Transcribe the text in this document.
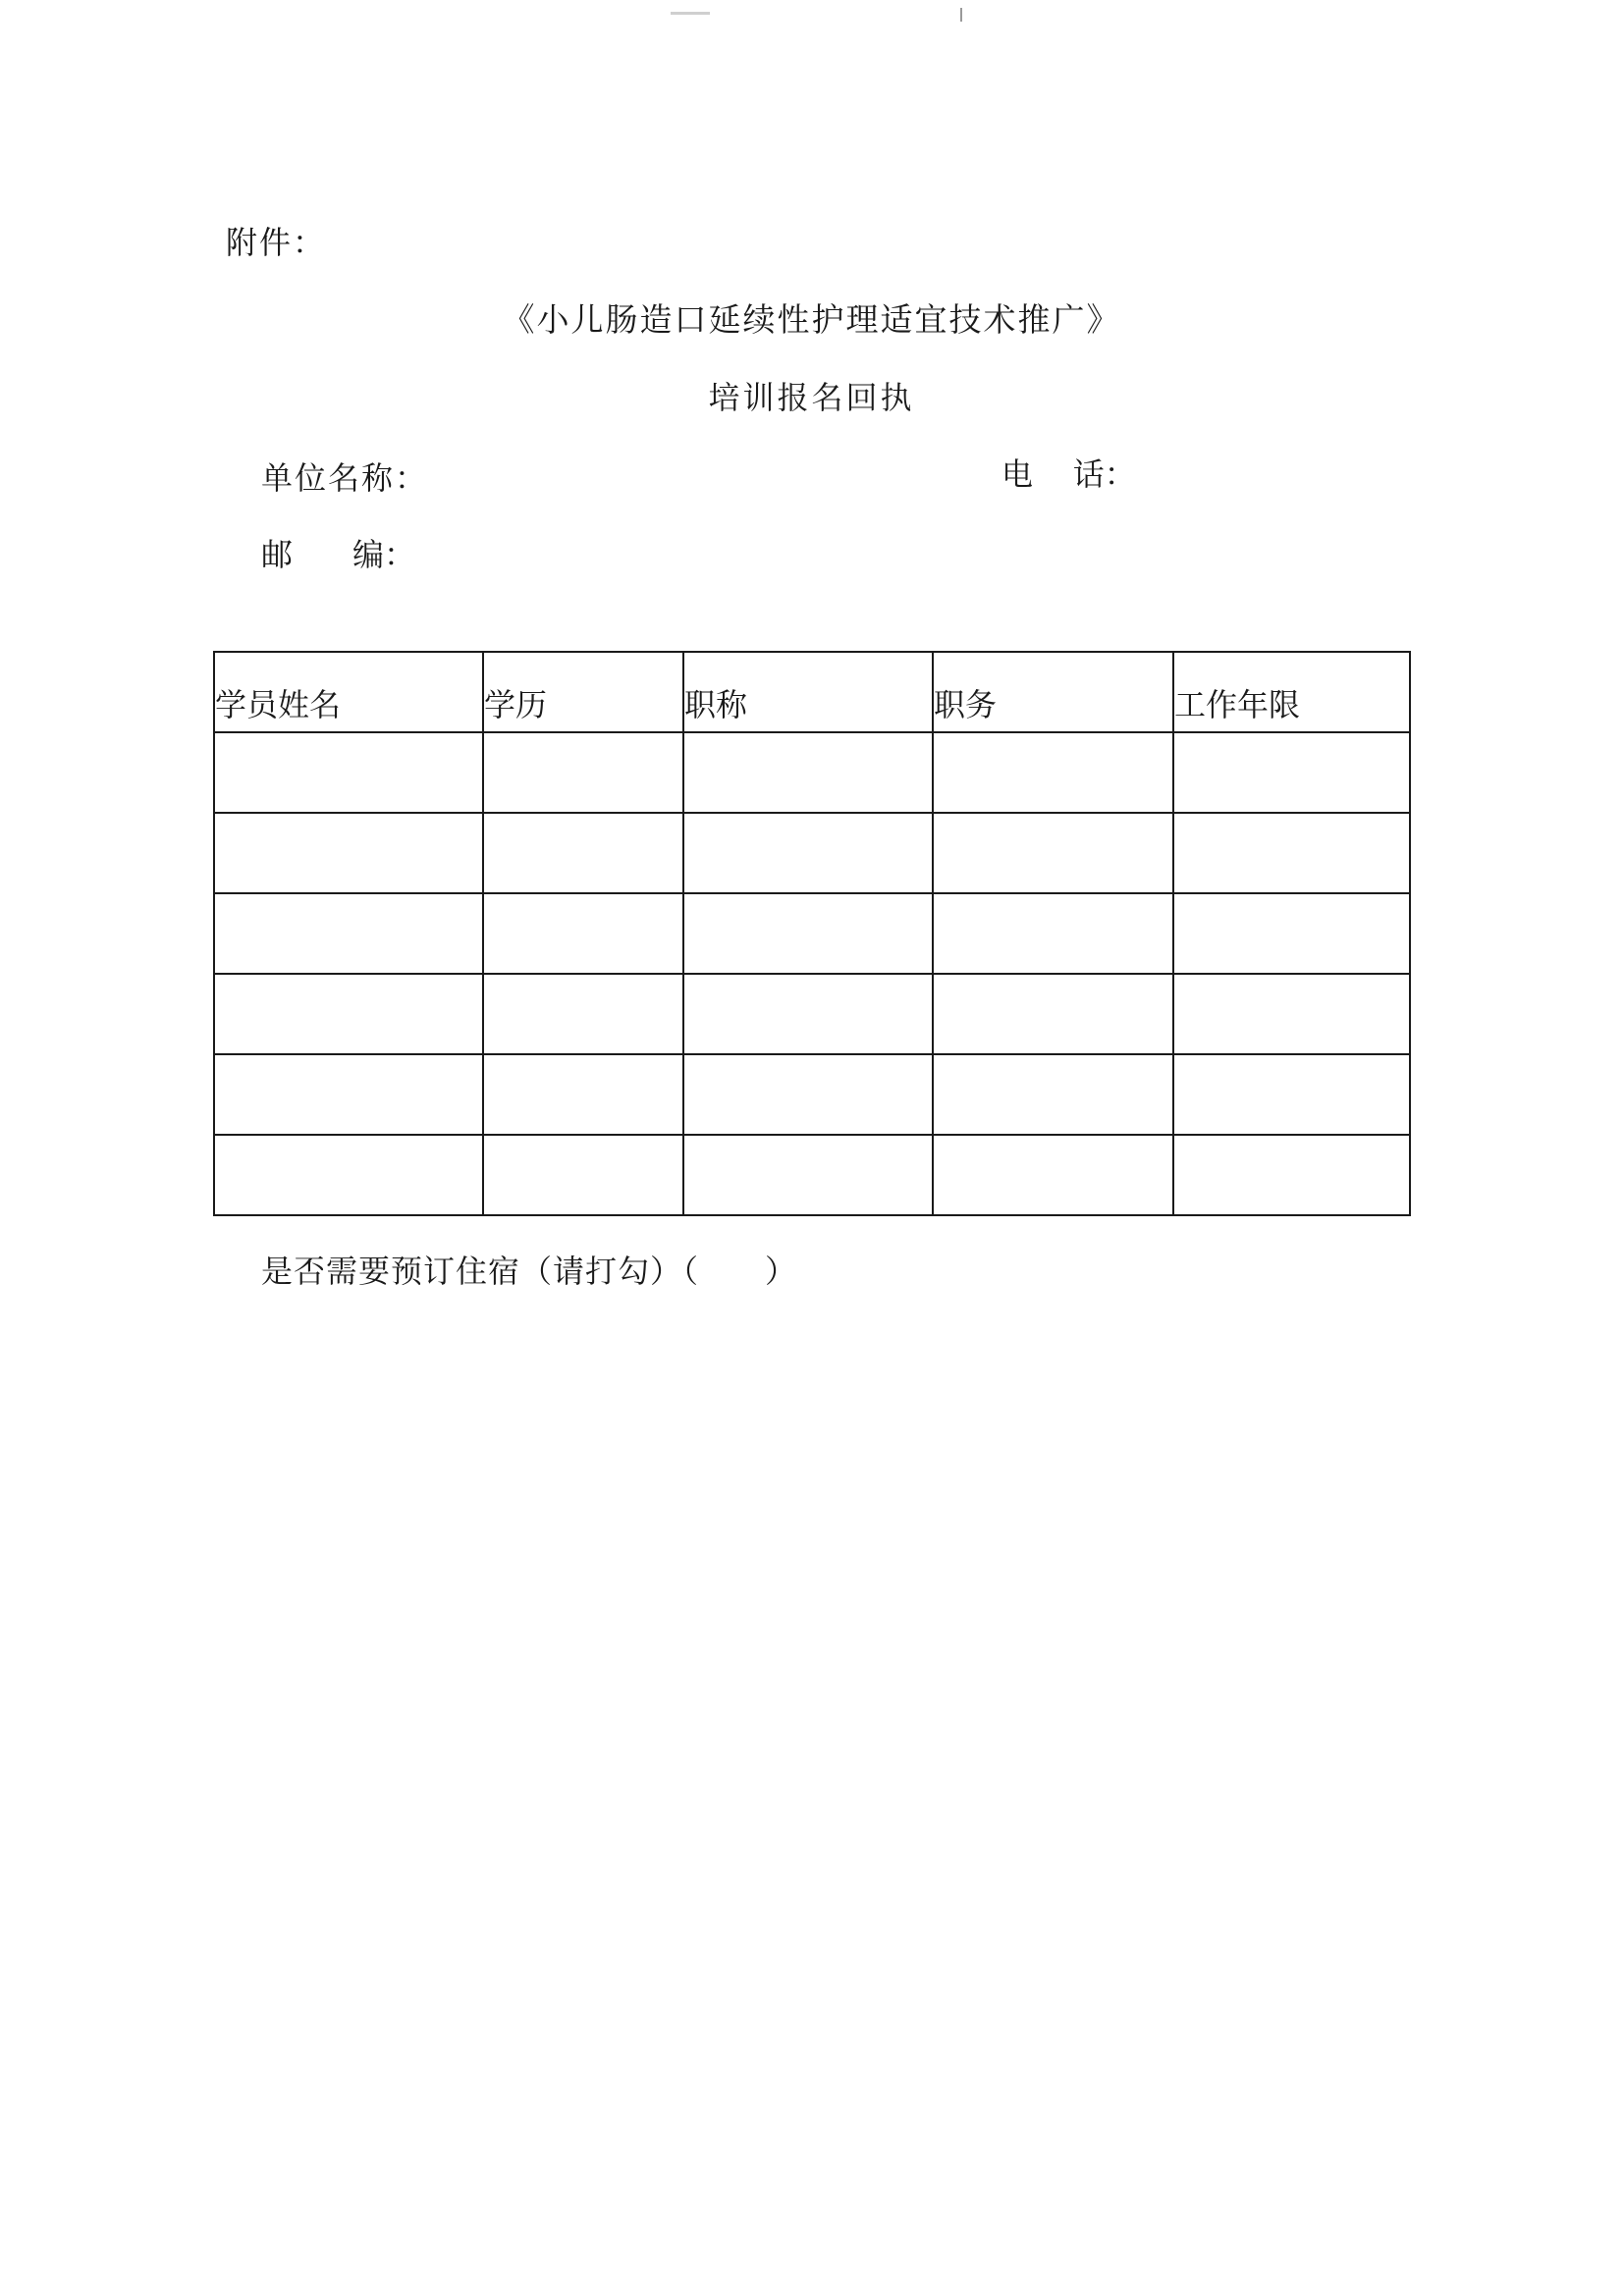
附件：
《小儿肠造口延续性护理适宜技术推广》
培训报名回执
单位名称：	电    话：
邮      编：
学员姓名	学历	职称	职务	工作年限

是否需要预订住宿（请打勾）（      ）
